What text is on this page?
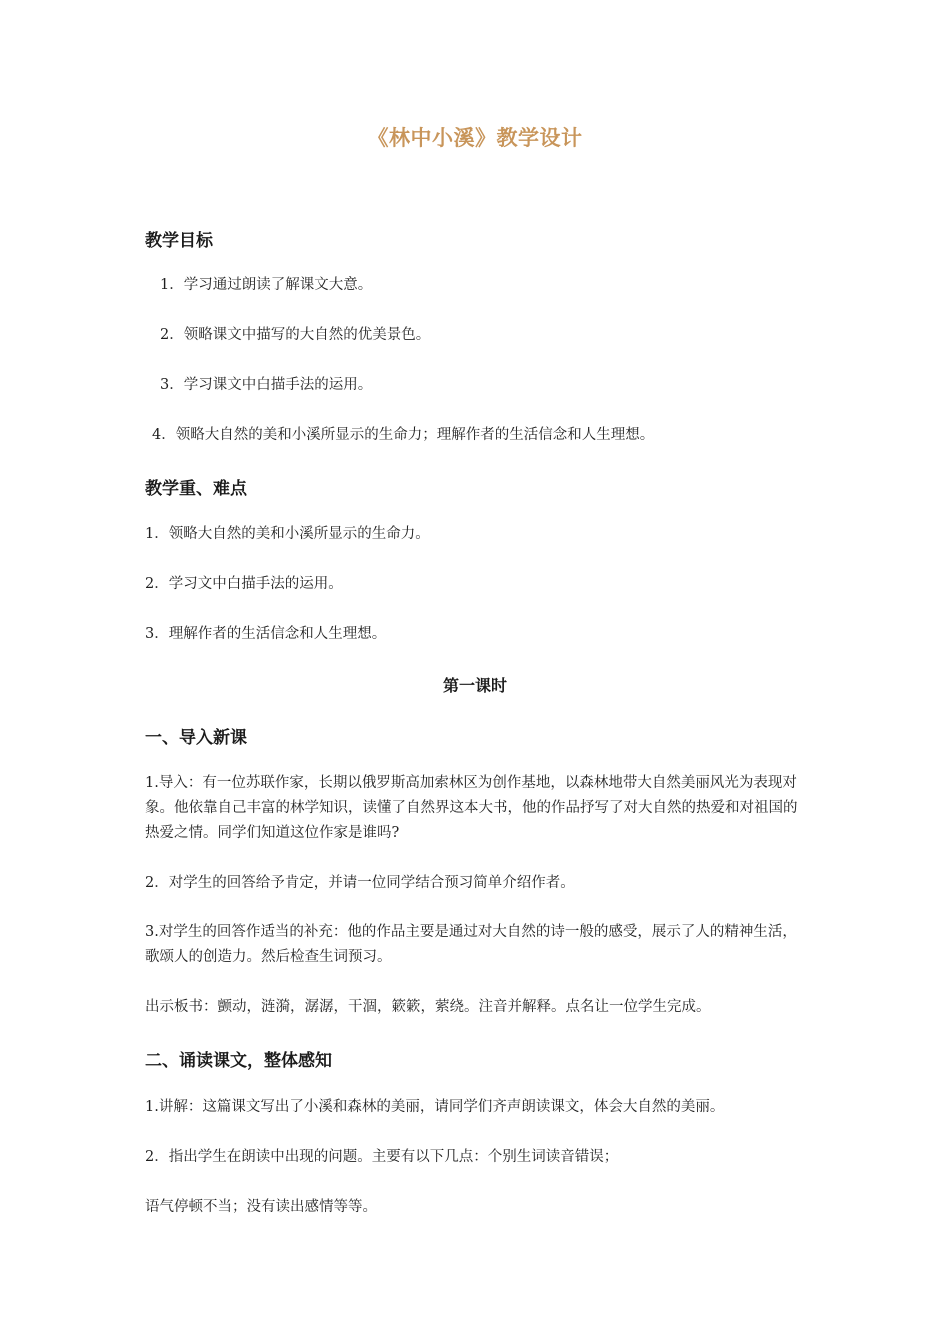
《林中小溪》教学设计
教学目标
1．学习通过朗读了解课文大意。
2．领略课文中描写的大自然的优美景色。
3．学习课文中白描手法的运用。
4．领略大自然的美和小溪所显示的生命力；理解作者的生活信念和人生理想。
教学重、难点
1．领略大自然的美和小溪所显示的生命力。
2．学习文中白描手法的运用。
3．理解作者的生活信念和人生理想。
第一课时
一、导入新课
1.导入：有一位苏联作家，长期以俄罗斯高加索林区为创作基地，以森林地带大自然美丽风光为表现对象。他依靠自己丰富的林学知识，读懂了自然界这本大书，他的作品抒写了对大自然的热爱和对祖国的热爱之情。同学们知道这位作家是谁吗?
2．对学生的回答给予肯定，并请一位同学结合预习简单介绍作者。
3.对学生的回答作适当的补充：他的作品主要是通过对大自然的诗一般的感受，展示了人的精神生活，歌颂人的创造力。然后检查生词预习。
出示板书：颤动，涟漪，潺潺，干涸，簌簌，萦绕。注音并解释。点名让一位学生完成。
二、诵读课文，整体感知
1.讲解：这篇课文写出了小溪和森林的美丽，请同学们齐声朗读课文，体会大自然的美丽。
2．指出学生在朗读中出现的问题。主要有以下几点：个别生词读音错误；
语气停顿不当；没有读出感情等等。
